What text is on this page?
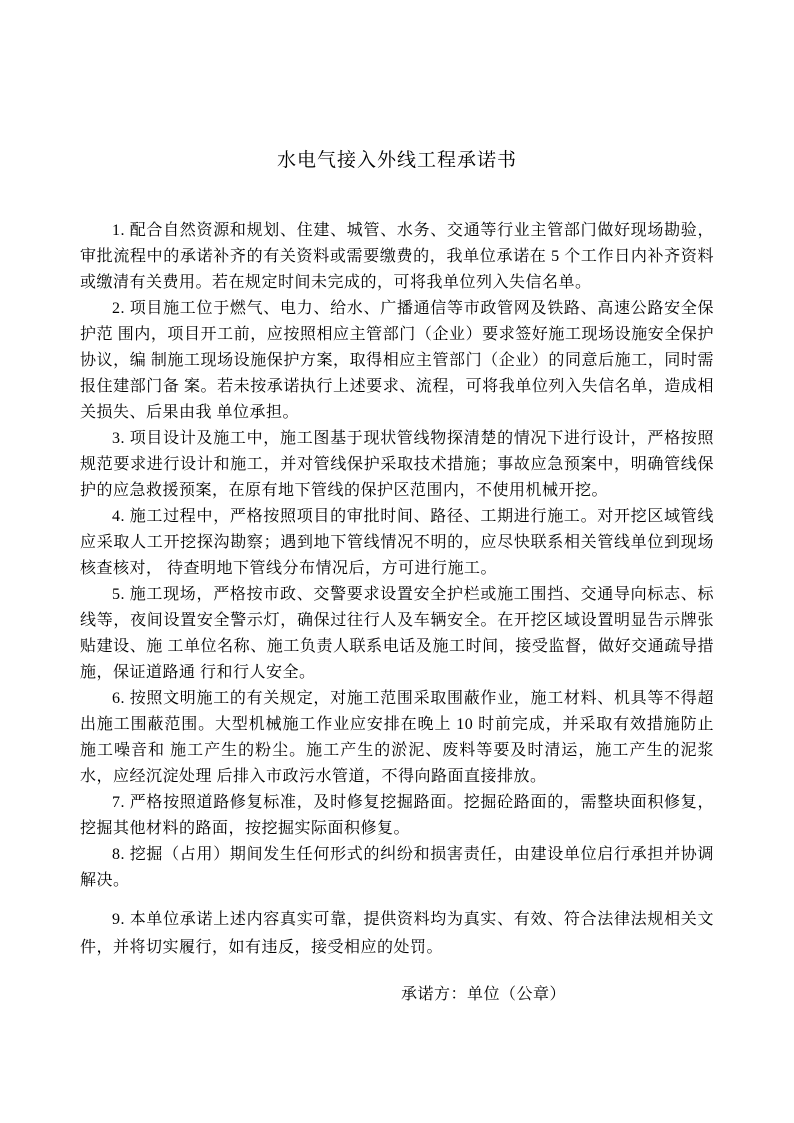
水电气接入外线工程承诺书

1. 配合自然资源和规划、住建、城管、水务、交通等行业主管部门做好现场勘验，审批流程中的承诺补齐的有关资料或需要缴费的，我单位承诺在 5 个工作日内补齐资料或缴清有关费用。若在规定时间未完成的，可将我单位列入失信名单。

2. 项目施工位于燃气、电力、给水、广播通信等市政管网及铁路、高速公路安全保护范 围内，项目开工前，应按照相应主管部门（企业）要求签好施工现场设施安全保护协议，编 制施工现场设施保护方案，取得相应主管部门（企业）的同意后施工，同时需报住建部门备 案。若未按承诺执行上述要求、流程，可将我单位列入失信名单，造成相关损失、后果由我 单位承担。

3. 项目设计及施工中，施工图基于现状管线物探清楚的情况下进行设计，严格按照规范要求进行设计和施工，并对管线保护采取技术措施；事故应急预案中，明确管线保护的应急救援预案，在原有地下管线的保护区范围内，不使用机械开挖。

4. 施工过程中，严格按照项目的审批时间、路径、工期进行施工。对开挖区域管线应采取人工开挖探沟勘察；遇到地下管线情况不明的，应尽快联系相关管线单位到现场核查核对， 待查明地下管线分布情况后，方可进行施工。

5. 施工现场，严格按市政、交警要求设置安全护栏或施工围挡、交通导向标志、标线等，夜间设置安全警示灯，确保过往行人及车辆安全。在开挖区域设置明显告示牌张贴建设、施 工单位名称、施工负责人联系电话及施工时间，接受监督，做好交通疏导措施，保证道路通 行和行人安全。

6. 按照文明施工的有关规定，对施工范围采取围蔽作业，施工材料、机具等不得超出施工围蔽范围。大型机械施工作业应安排在晚上 10 时前完成，并采取有效措施防止施工噪音和 施工产生的粉尘。施工产生的淤泥、废料等要及时清运，施工产生的泥浆水，应经沉淀处理 后排入市政污水管道，不得向路面直接排放。

7. 严格按照道路修复标准，及时修复挖掘路面。挖掘砼路面的，需整块面积修复，挖掘其他材料的路面，按挖掘实际面积修复。

8. 挖掘（占用）期间发生任何形式的纠纷和损害责任，由建设单位启行承担并协调解决。

9. 本单位承诺上述内容真实可靠，提供资料均为真实、有效、符合法律法规相关文件，并将切实履行，如有违反，接受相应的处罚。

承诺方：单位（公章）
